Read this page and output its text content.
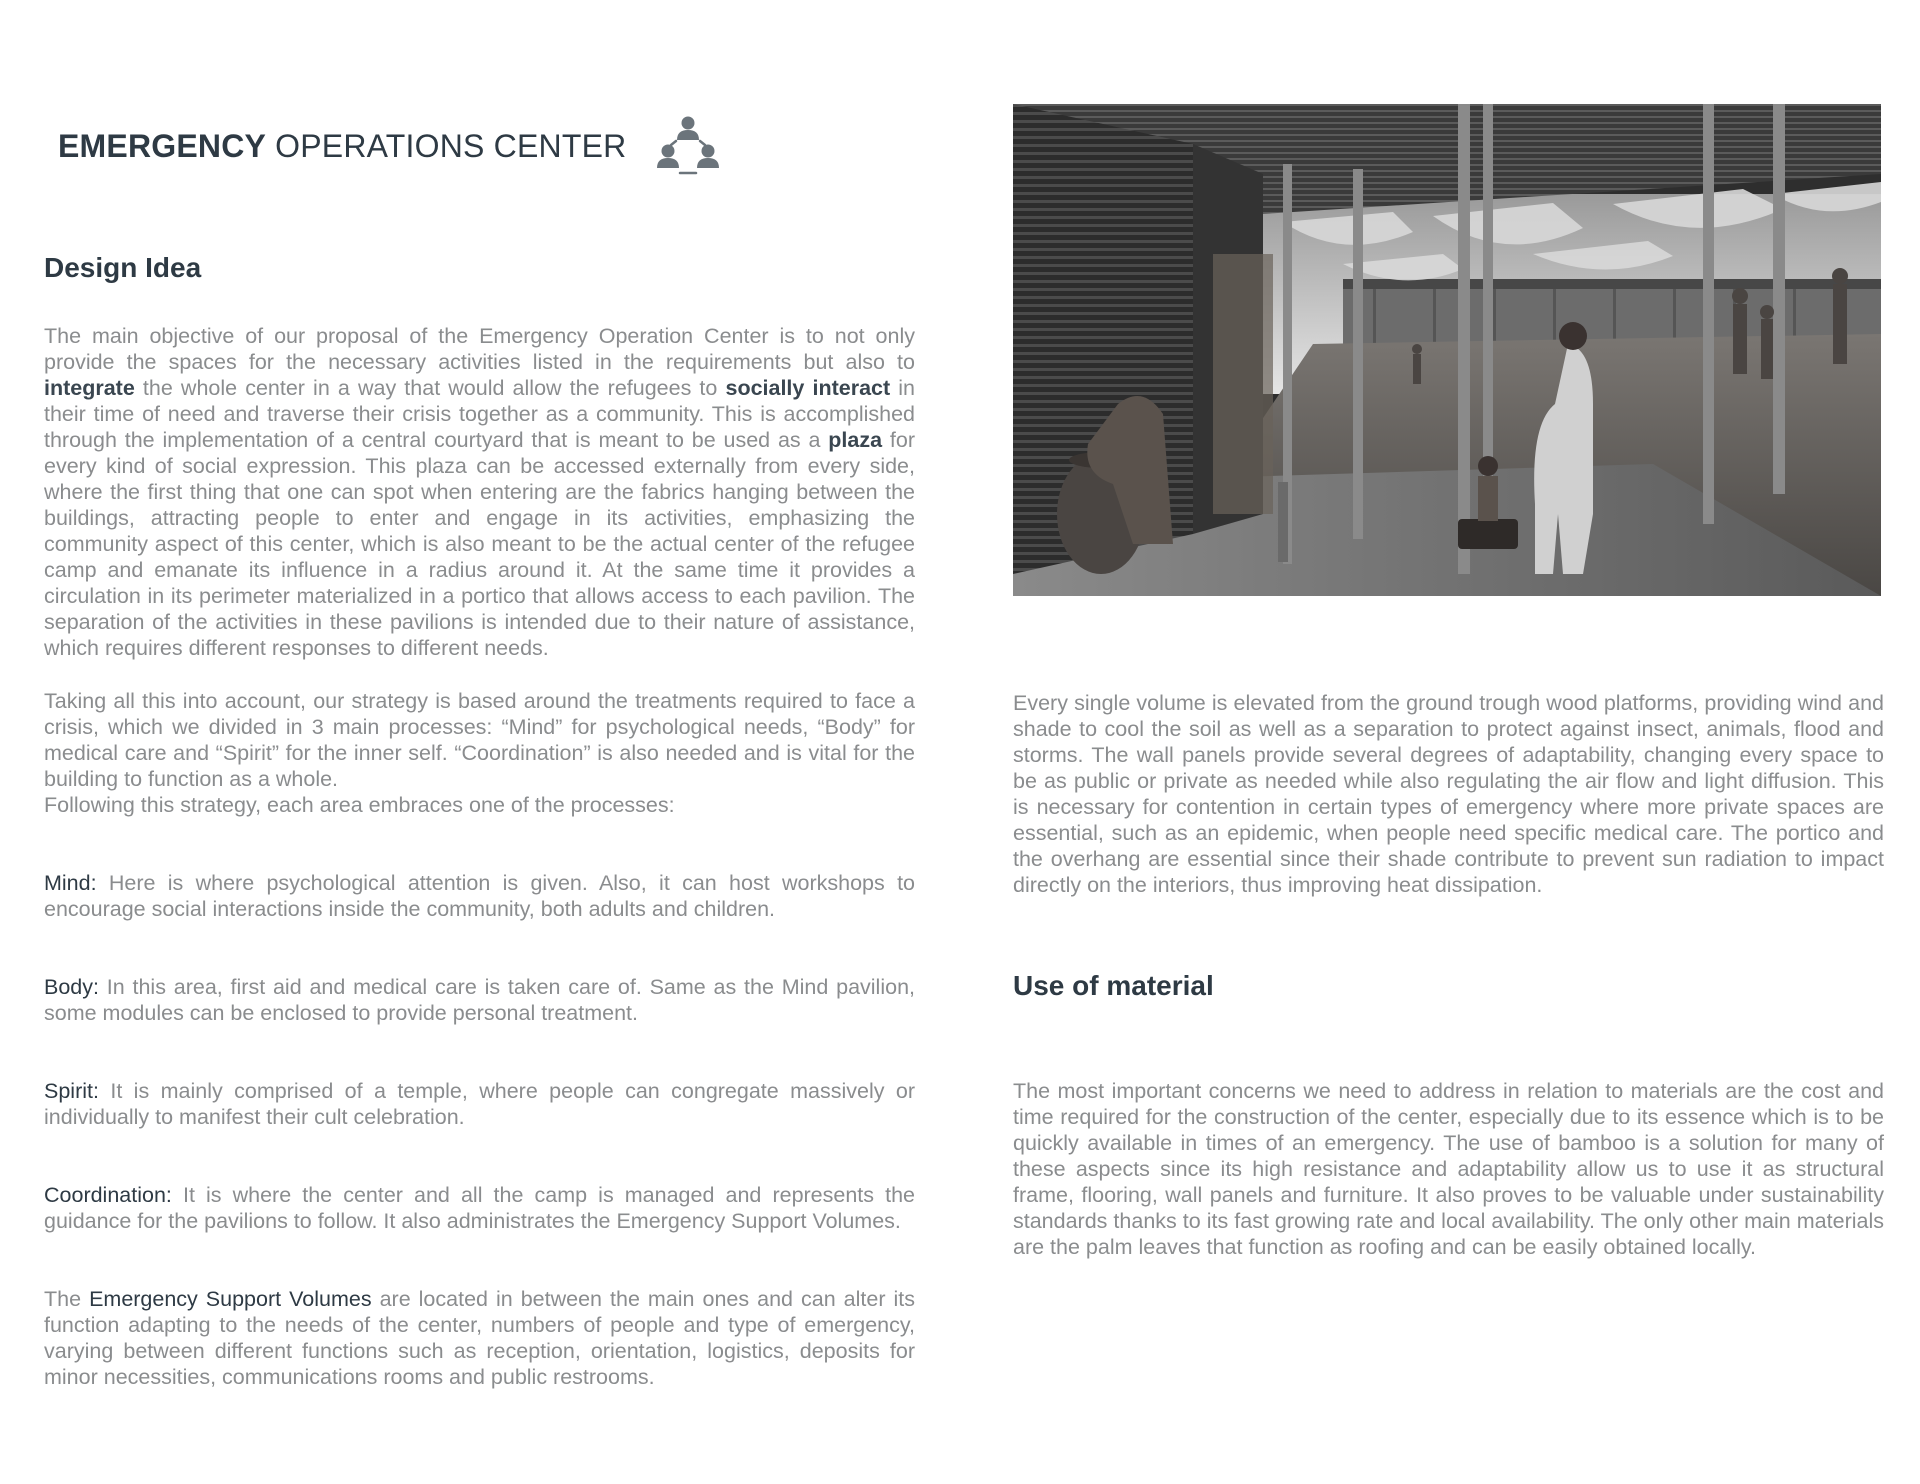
EMERGENCY OPERATIONS CENTER
Design Idea

The main objective of our proposal of the Emergency Operation Center is to not only provide the spaces for the necessary activities listed in the requirements but also to integrate the whole center in a way that would allow the refugees to socially interact in their time of need and traverse their crisis together as a community. This is accomplished through the implementation of a central courtyard that is meant to be used as a plaza for every kind of social expression. This plaza can be accessed externally from every side, where the first thing that one can spot when entering are the fabrics hanging between the buildings, attracting people to enter and engage in its activities, emphasizing the community aspect of this center, which is also meant to be the actual center of the refugee camp and emanate its influence in a radius around it. At the same time it provides a circulation in its perimeter materialized in a portico that allows access to each pavilion. The separation of the activities in these pavilions is intended due to their nature of assistance, which requires different responses to different needs.

Taking all this into account, our strategy is based around the treatments required to face a crisis, which we divided in 3 main processes: “Mind” for psychological needs, “Body” for medical care and “Spirit” for the inner self. “Coordination” is also needed and is vital for the building to function as a whole.
Following this strategy, each area embraces one of the processes:

Mind: Here is where psychological attention is given. Also, it can host workshops to encourage social interactions inside the community, both adults and children.

Body: In this area, first aid and medical care is taken care of. Same as the Mind pavilion, some modules can be enclosed to provide personal treatment.

Spirit: It is mainly comprised of a temple, where people can congregate massively or individually to manifest their cult celebration.

Coordination: It is where the center and all the camp is managed and represents the guidance for the pavilions to follow. It also administrates the Emergency Support Volumes.

The Emergency Support Volumes are located in between the main ones and can alter its function adapting to the needs of the center, numbers of people and type of emergency, varying between different functions such as reception, orientation, logistics, deposits for minor necessities, communications rooms and public restrooms.

Every single volume is elevated from the ground trough wood platforms, providing wind and shade to cool the soil as well as a separation to protect against insect, animals, flood and storms. The wall panels provide several degrees of adaptability, changing every space to be as public or private as needed while also regulating the air flow and light diffusion. This is necessary for contention in certain types of emergency where more private spaces are essential, such as an epidemic, when people need specific medical care. The portico and the overhang are essential since their shade contribute to prevent sun radiation to impact directly on the interiors, thus improving heat dissipation.

Use of material

The most important concerns we need to address in relation to materials are the cost and time required for the construction of the center, especially due to its essence which is to be quickly available in times of an emergency. The use of bamboo is a solution for many of these aspects since its high resistance and adaptability allow us to use it as structural frame, flooring, wall panels and furniture. It also proves to be valuable under sustainability standards thanks to its fast growing rate and local availability. The only other main materials are the palm leaves that function as roofing and can be easily obtained locally.
